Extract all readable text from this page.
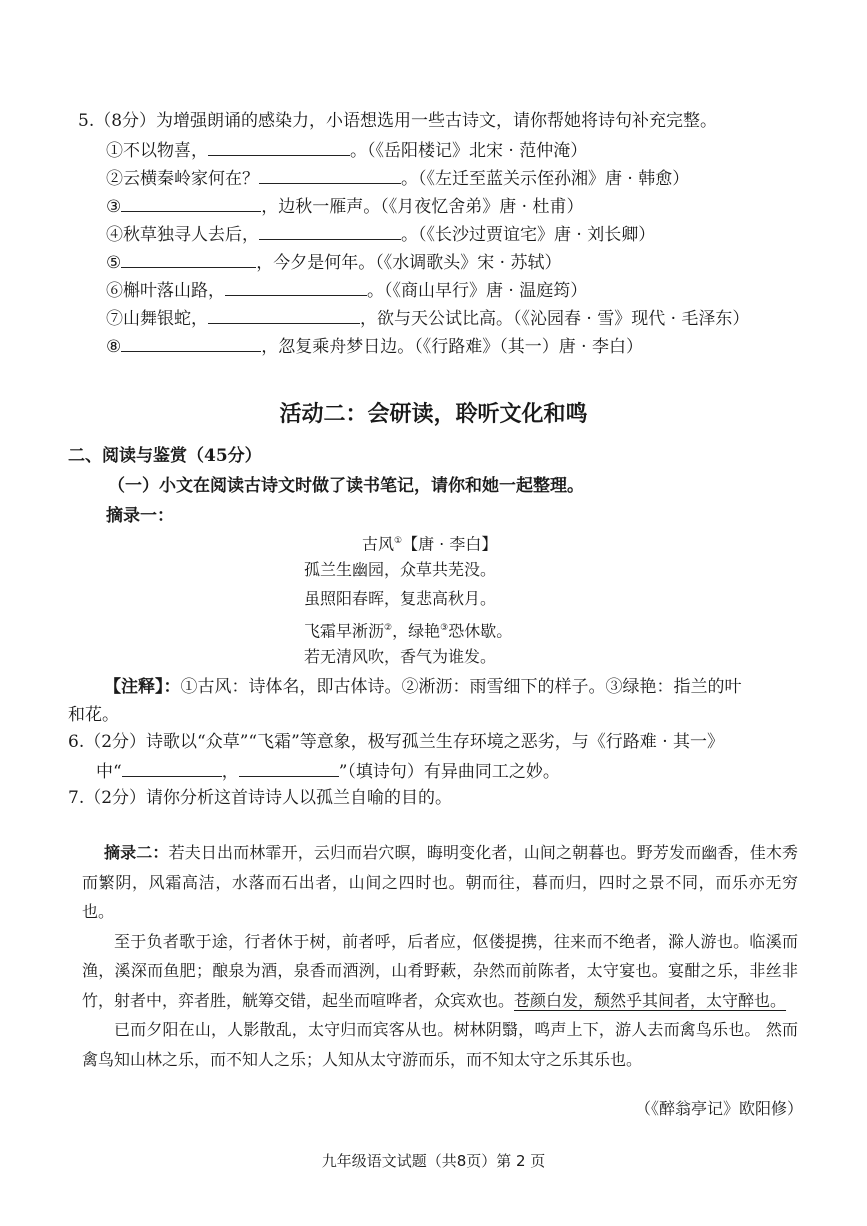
5.（8分）为增强朗诵的感染力，小语想选用一些古诗文，请你帮她将诗句补充完整。
①不以物喜，	。（《岳阳楼记》北宋 · 范仲淹）
②云横秦岭家何在？	。（《左迁至蓝关示侄孙湘》唐 · 韩愈）
③	，边秋一雁声。（《月夜忆舍弟》唐 · 杜甫）
④秋草独寻人去后，	。（《长沙过贾谊宅》唐 · 刘长卿）
⑤	，今夕是何年。（《水调歌头》宋 · 苏轼）
⑥槲叶落山路，	。（《商山早行》唐 · 温庭筠）
⑦山舞银蛇，	，欲与天公试比高。（《沁园春 · 雪》现代 · 毛泽东）
⑧	，忽复乘舟梦日边。（《行路难》（其一）唐 · 李白）
活动二：会研读，聆听文化和鸣
二、阅读与鉴赏（45分）
（一）小文在阅读古诗文时做了读书笔记，请你和她一起整理。
摘录一：
古风①【唐 · 李白】
孤兰生幽园，众草共芜没。
虽照阳春晖，复悲高秋月。
飞霜早淅沥②，绿艳③恐休歇。
若无清风吹，香气为谁发。
【注释】：①古风：诗体名，即古体诗。②淅沥：雨雪细下的样子。③绿艳：指兰的叶
和花。
6.（2分）诗歌以“众草”“飞霜”等意象，极写孤兰生存环境之恶劣，与《行路难 · 其一》
中“	，	”（填诗句）有异曲同工之妙。
7.（2分）请你分析这首诗诗人以孤兰自喻的目的。

摘录二：若夫日出而林霏开，云归而岩穴暝，晦明变化者，山间之朝暮也。野芳发而幽香，佳木秀而繁阴，风霜高洁，水落而石出者，山间之四时也。朝而往，暮而归，四时之景不同，而乐亦无穷也。

至于负者歌于途，行者休于树，前者呼，后者应，伛偻提携，往来而不绝者，滁人游也。临溪而渔，溪深而鱼肥；酿泉为酒，泉香而酒洌，山肴野蔌，杂然而前陈者，太守宴也。宴酣之乐，非丝非竹，射者中，弈者胜，觥筹交错，起坐而喧哗者，众宾欢也。苍颜白发，颓然乎其间者，太守醉也。

已而夕阳在山，人影散乱，太守归而宾客从也。树林阴翳，鸣声上下，游人去而禽鸟乐也。 然而禽鸟知山林之乐，而不知人之乐；人知从太守游而乐，而不知太守之乐其乐也。

（《醉翁亭记》欧阳修）
九年级语文试题（共8页）第 2 页
